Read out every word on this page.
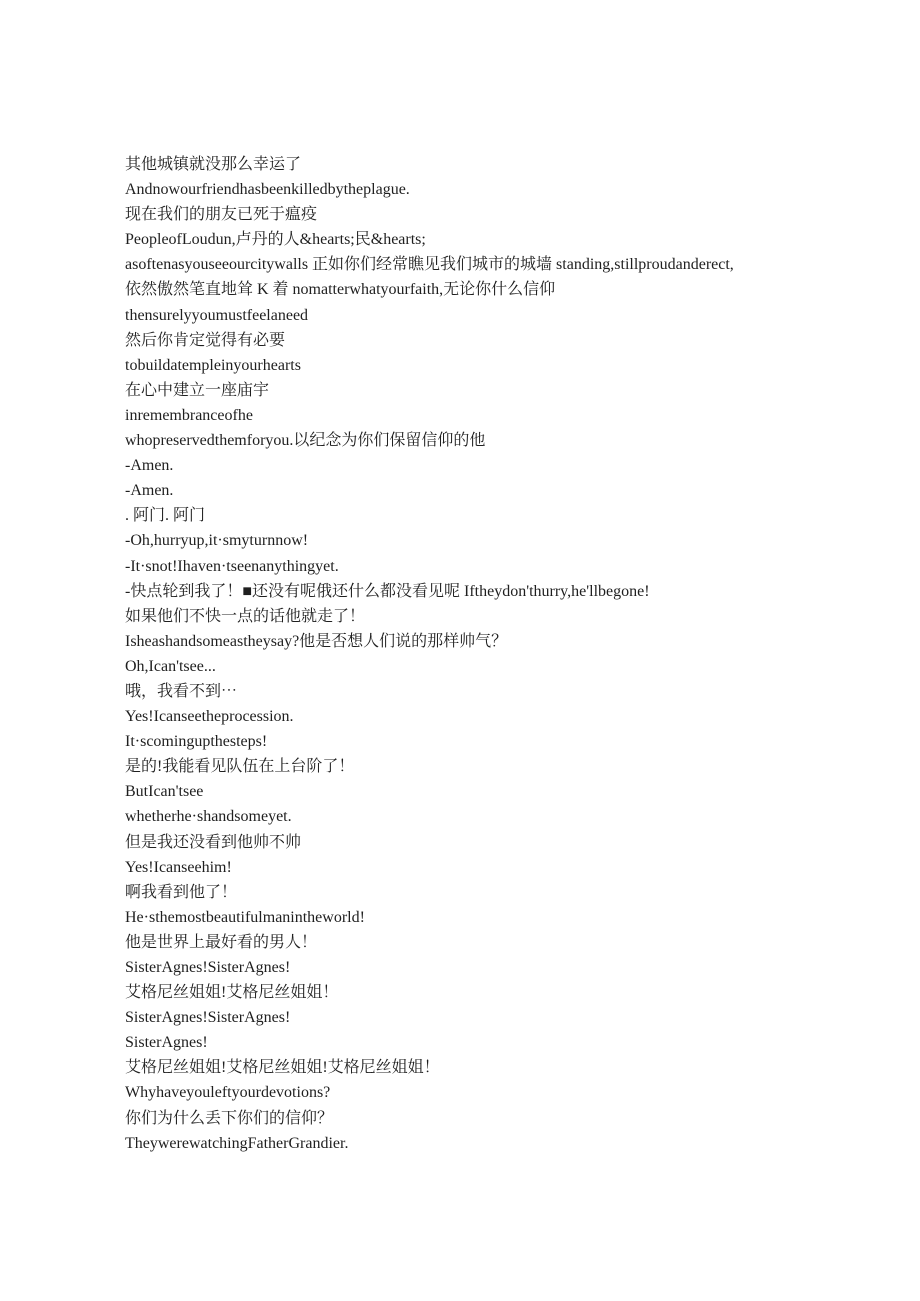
其他城镇就没那么幸运了

Andnowourfriendhasbeenkilledbytheplague.

现在我们的朋友已死于瘟疫

PeopleofLoudun,卢丹的人&hearts;民&hearts;

asoftenasyouseeourcitywalls 正如你们经常瞧见我们城市的城墙 standing,stillproudanderect,

依然傲然笔直地耸 K 着 nomatterwhatyourfaith,无论你什么信仰

thensurelyyoumustfeelaneed

然后你肯定觉得有必要

tobuildatempleinyourhearts

在心中建立一座庙宇

inremembranceofhe

whopreservedthemforyou.以纪念为你们保留信仰的他

-Amen.

-Amen.

. 阿门. 阿门

-Oh,hurryup,it·smyturnnow!

-It·snot!Ihaven·tseenanythingyet.

-快点轮到我了！■还没有呢俄还什么都没看见呢 Iftheydon'thurry,he'llbegone!

如果他们不快一点的话他就走了！

Isheashandsomeastheysay?他是否想人们说的那样帅气？

Oh,Ican'tsee...

哦，我看不到⋯

Yes!Icanseetheprocession.

It·scomingupthesteps!

是的!我能看见队伍在上台阶了！

ButIcan'tsee

whetherhe·shandsomeyet.

但是我还没看到他帅不帅

Yes!Icanseehim!

啊我看到他了！

He·sthemostbeautifulmanintheworld!

他是世界上最好看的男人！

SisterAgnes!SisterAgnes!

艾格尼丝姐姐!艾格尼丝姐姐！

SisterAgnes!SisterAgnes!

SisterAgnes!

艾格尼丝姐姐!艾格尼丝姐姐!艾格尼丝姐姐！

Whyhaveyouleftyourdevotions?

你们为什么丢下你们的信仰？

TheywerewatchingFatherGrandier.
